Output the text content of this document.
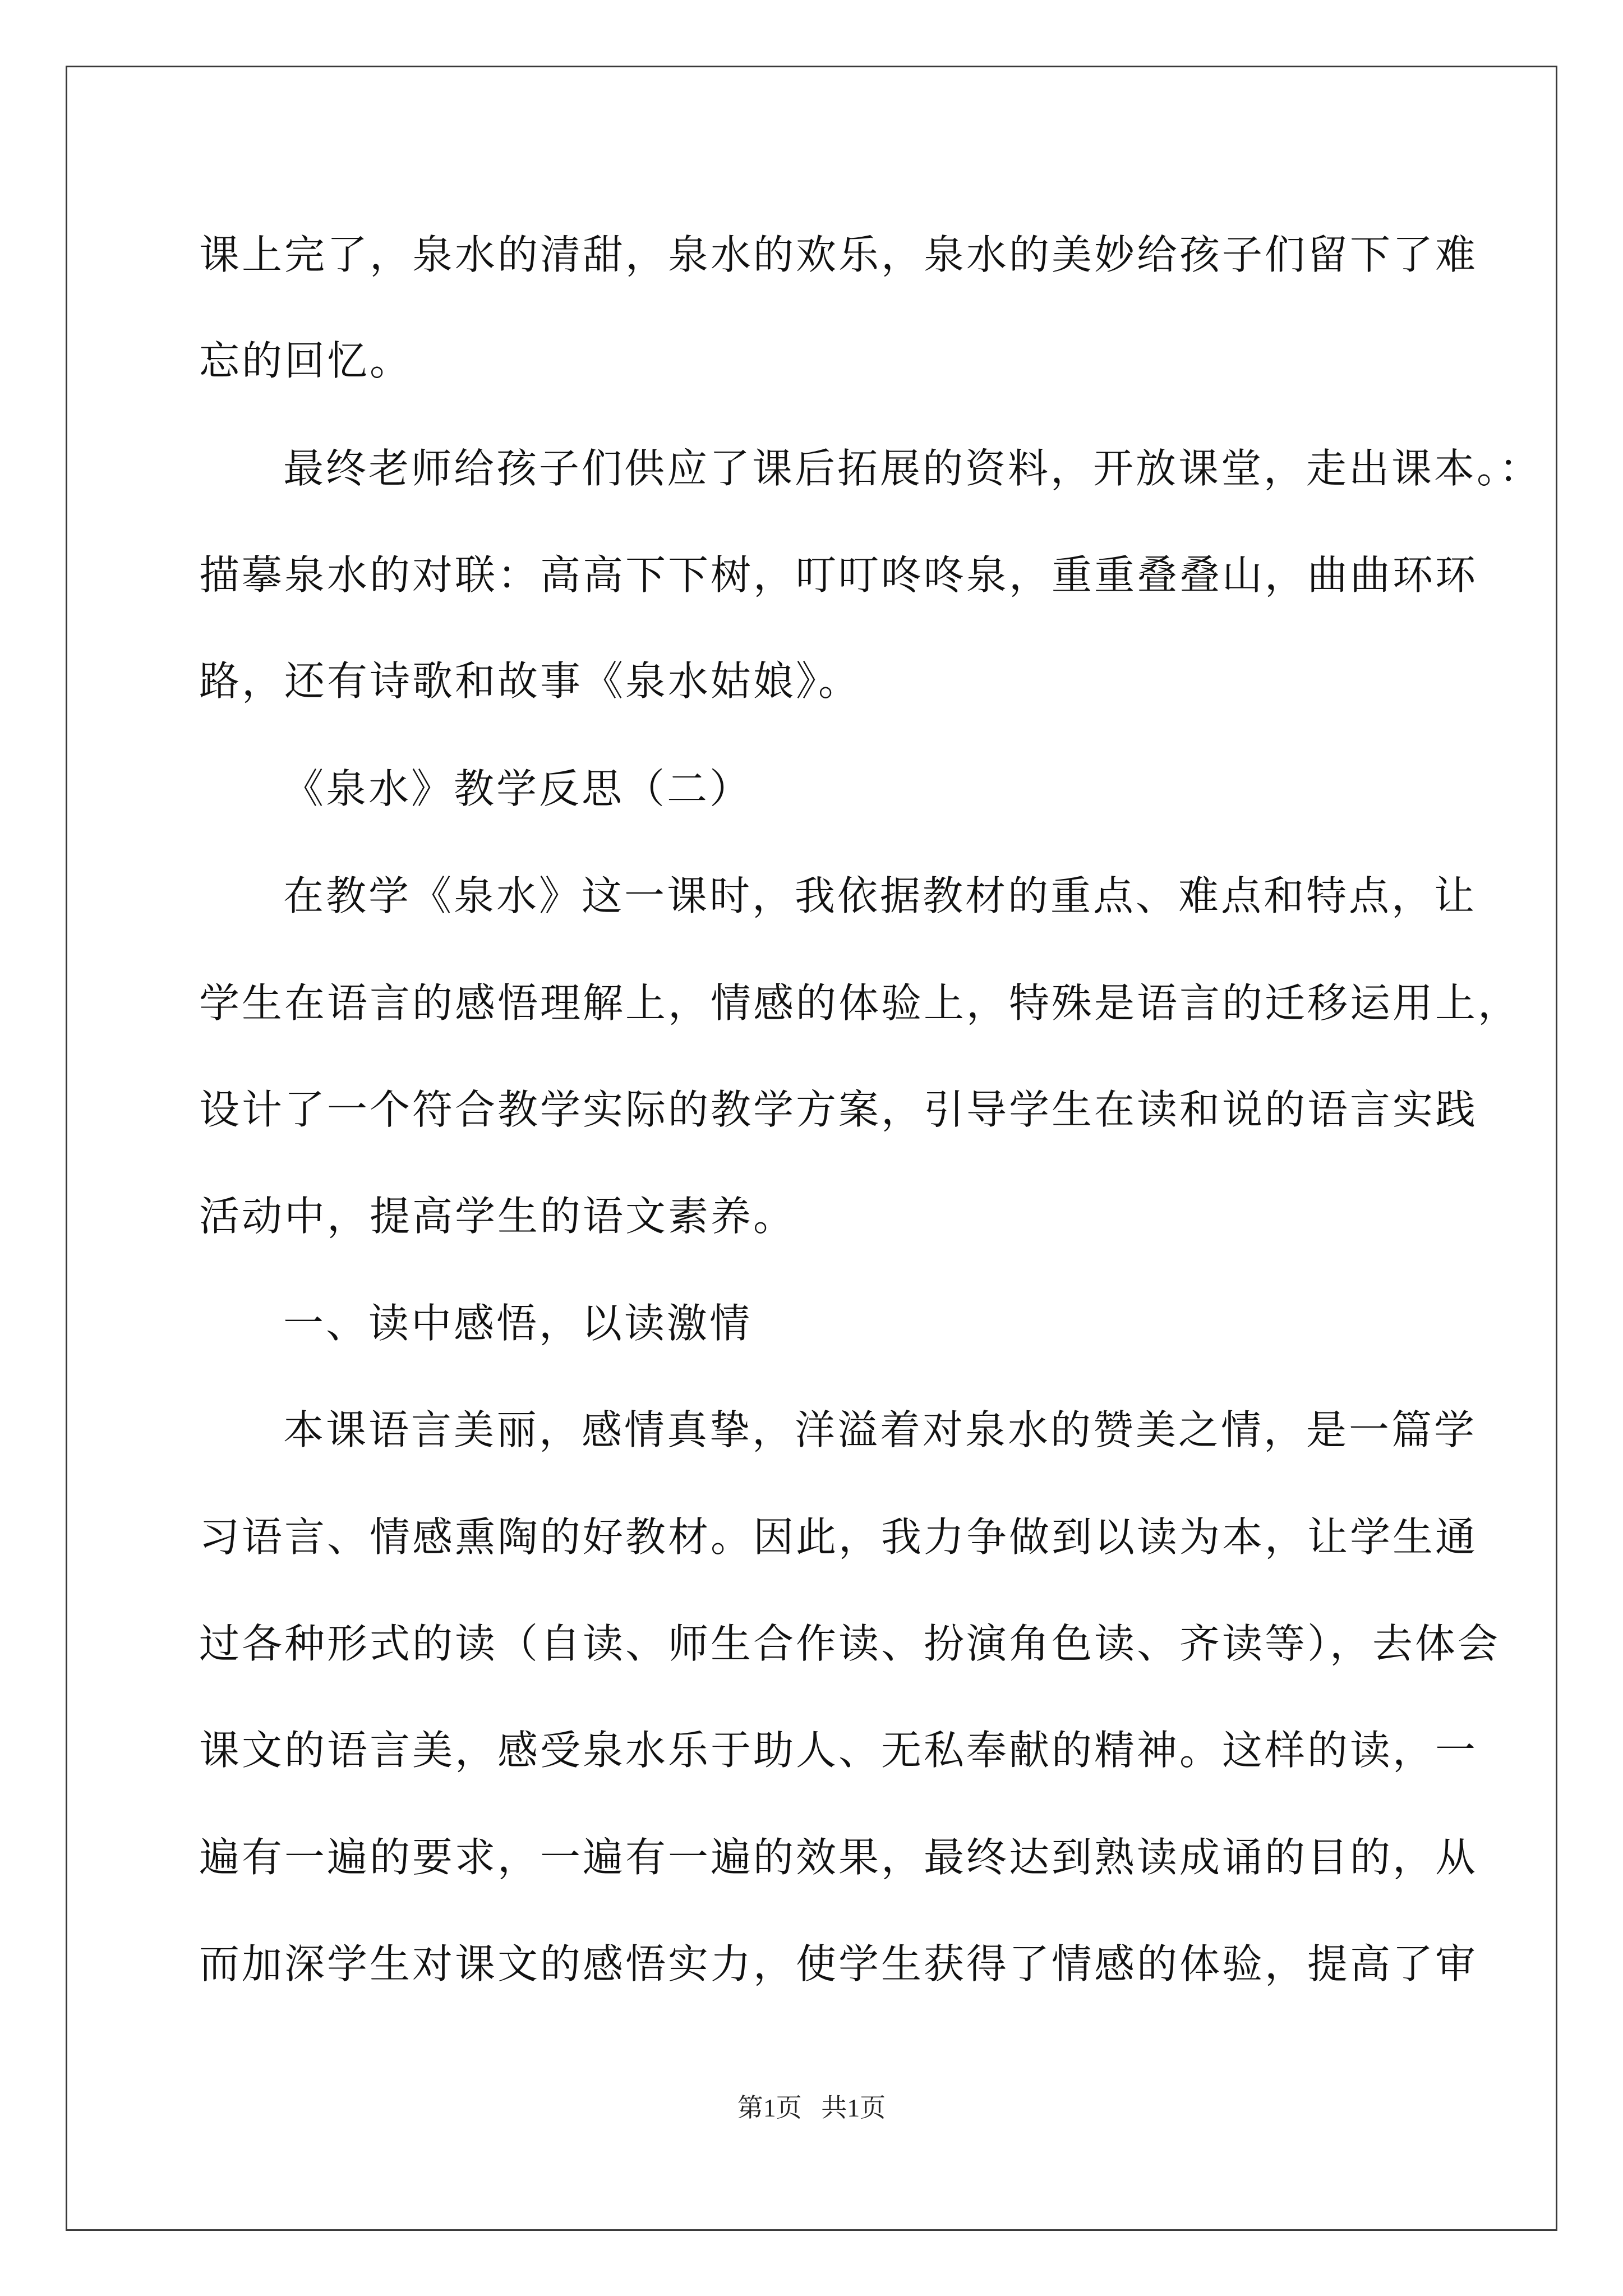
课上完了，泉水的清甜，泉水的欢乐，泉水的美妙给孩子们留下了难
忘的回忆。
最终老师给孩子们供应了课后拓展的资料，开放课堂，走出课本。：
描摹泉水的对联：高高下下树，叮叮咚咚泉，重重叠叠山，曲曲环环
路，还有诗歌和故事《泉水姑娘》。
《泉水》教学反思（二）
在教学《泉水》这一课时，我依据教材的重点、难点和特点，让
学生在语言的感悟理解上，情感的体验上，特殊是语言的迁移运用上，
设计了一个符合教学实际的教学方案，引导学生在读和说的语言实践
活动中，提高学生的语文素养。
一、读中感悟，以读激情
本课语言美丽，感情真挚，洋溢着对泉水的赞美之情，是一篇学
习语言、情感熏陶的好教材。因此，我力争做到以读为本，让学生通
过各种形式的读（自读、师生合作读、扮演角色读、齐读等），去体会
课文的语言美，感受泉水乐于助人、无私奉献的精神。这样的读，一
遍有一遍的要求，一遍有一遍的效果，最终达到熟读成诵的目的，从
而加深学生对课文的感悟实力，使学生获得了情感的体验，提高了审
第1页 共1页
